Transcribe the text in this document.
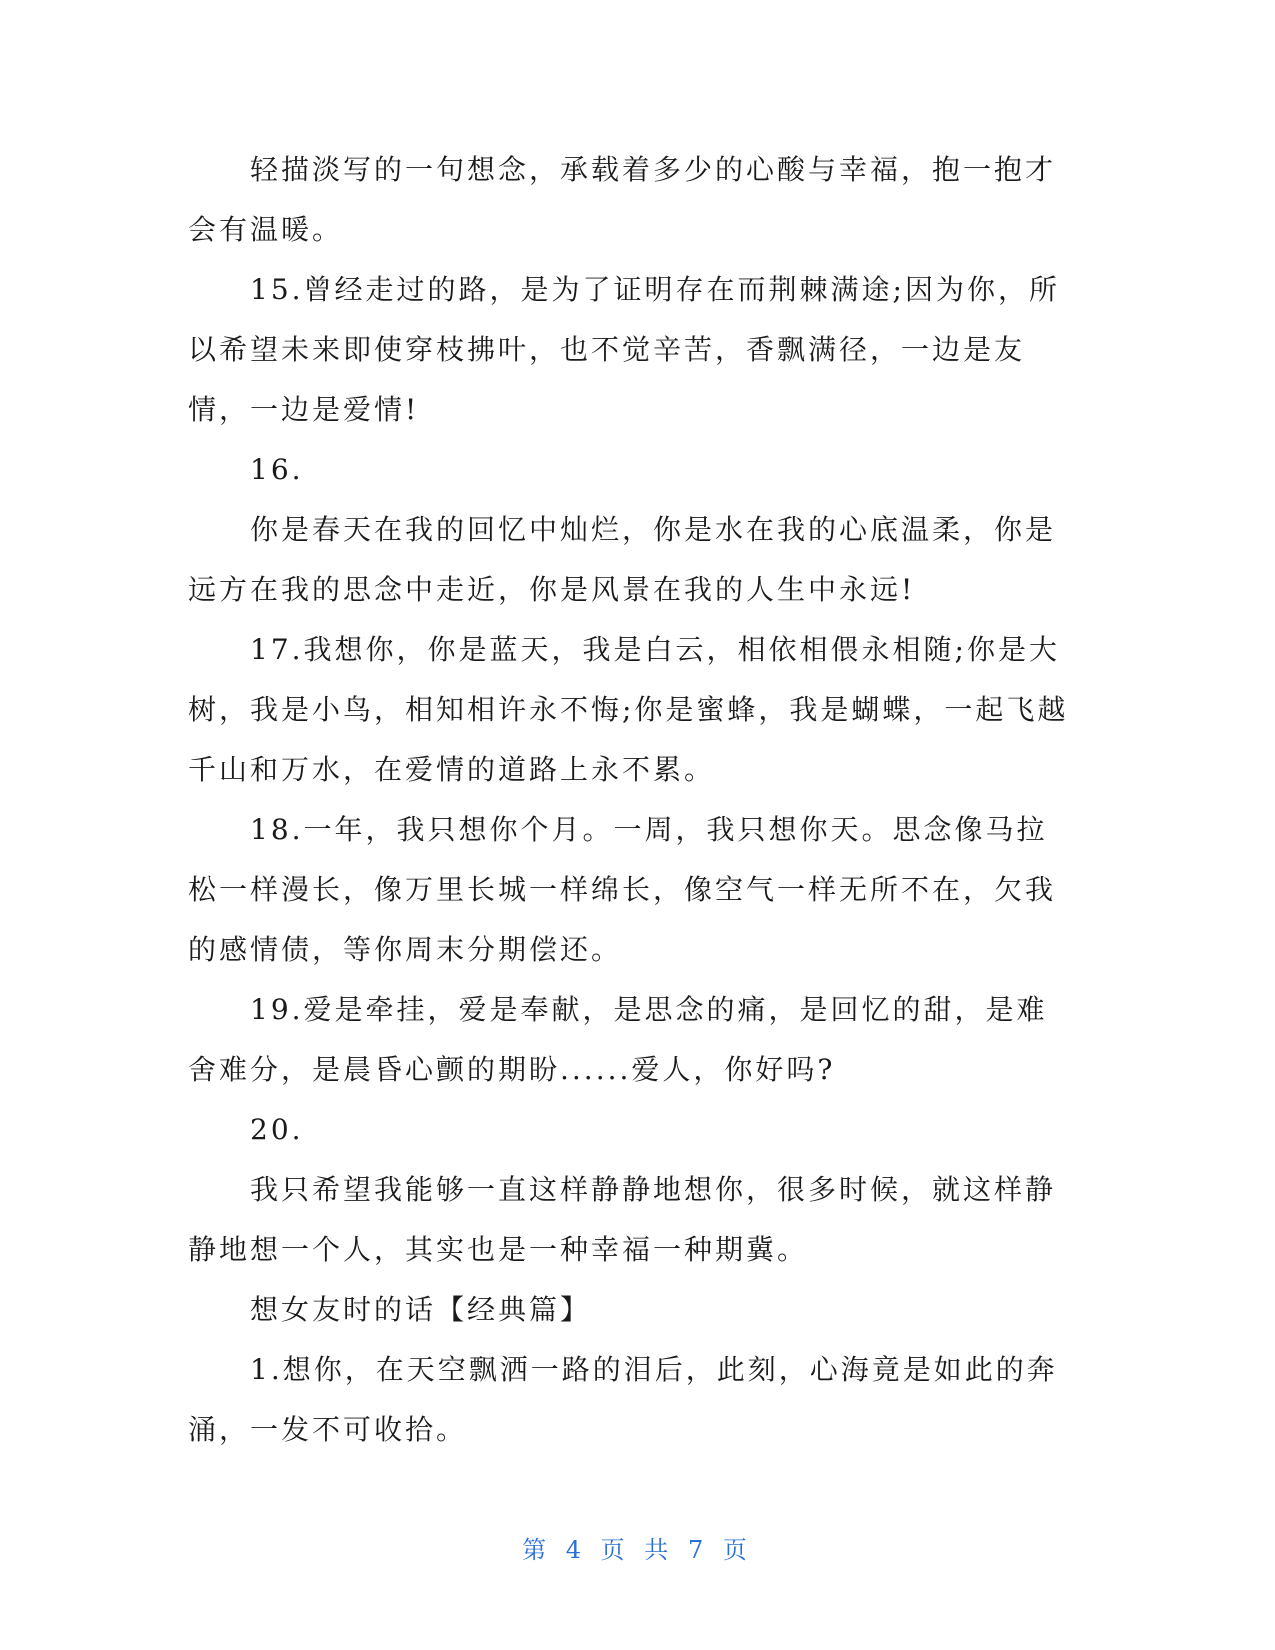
轻描淡写的一句想念，承载着多少的心酸与幸福，抱一抱才会有温暖。

15.曾经走过的路，是为了证明存在而荆棘满途;因为你，所以希望未来即使穿枝拂叶，也不觉辛苦，香飘满径，一边是友情，一边是爱情!

16.

你是春天在我的回忆中灿烂，你是水在我的心底温柔，你是远方在我的思念中走近，你是风景在我的人生中永远!

17.我想你，你是蓝天，我是白云，相依相偎永相随;你是大树，我是小鸟，相知相许永不悔;你是蜜蜂，我是蝴蝶，一起飞越千山和万水，在爱情的道路上永不累。

18.一年，我只想你个月。一周，我只想你天。思念像马拉松一样漫长，像万里长城一样绵长，像空气一样无所不在，欠我的感情债，等你周末分期偿还。

19.爱是牵挂，爱是奉献，是思念的痛，是回忆的甜，是难舍难分，是晨昏心颤的期盼......爱人，你好吗?

20.

我只希望我能够一直这样静静地想你，很多时候，就这样静静地想一个人，其实也是一种幸福一种期冀。

想女友时的话【经典篇】

1.想你，在天空飘洒一路的泪后，此刻，心海竟是如此的奔涌，一发不可收拾。

第 4 页 共 7 页
